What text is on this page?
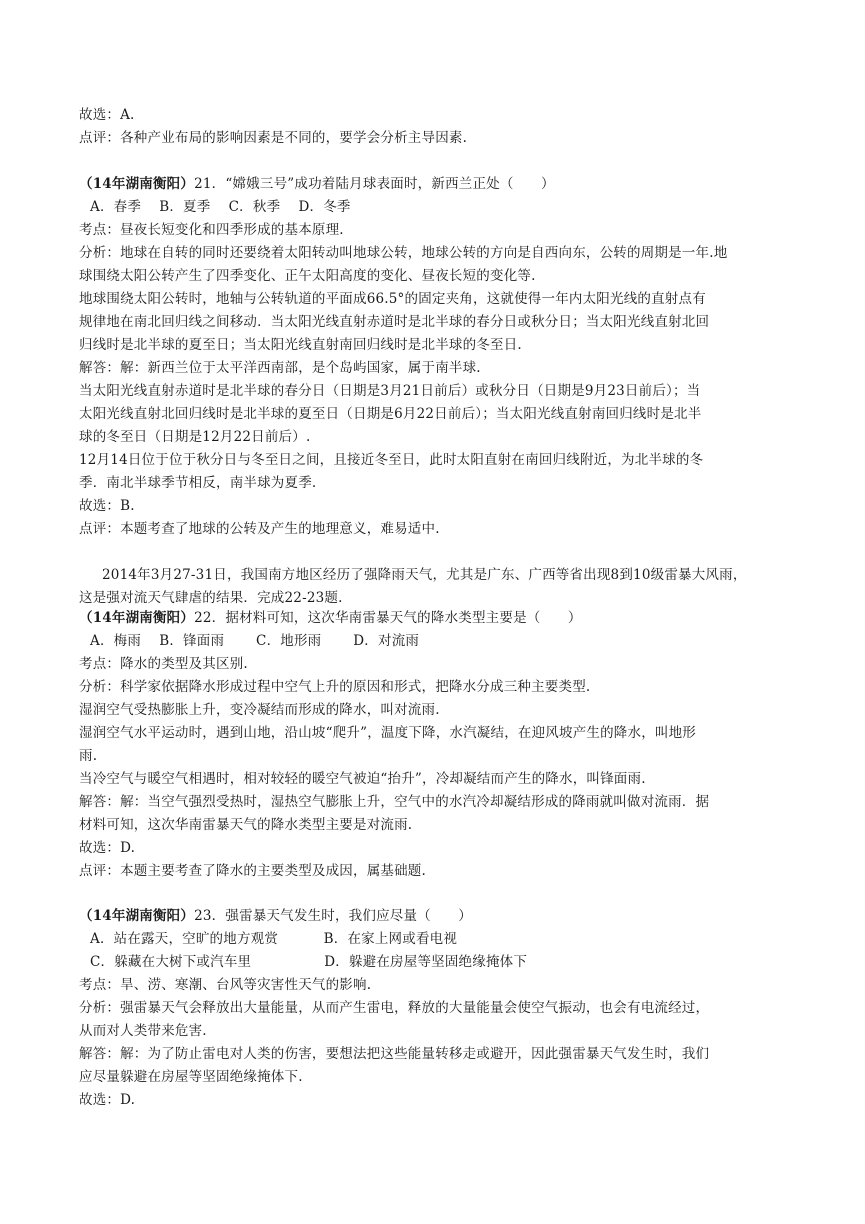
故选：A.
点评：各种产业布局的影响因素是不同的，要学会分析主导因素.
（14年湖南衡阳）21．“嫦娥三号”成功着陆月球表面时，新西兰正处（　　）
A．春季　 B．夏季　 C．秋季　 D．冬季
考点：昼夜长短变化和四季形成的基本原理.
分析：地球在自转的同时还要绕着太阳转动叫地球公转，地球公转的方向是自西向东，公转的周期是一年.地
球围绕太阳公转产生了四季变化、正午太阳高度的变化、昼夜长短的变化等.
地球围绕太阳公转时，地轴与公转轨道的平面成66.5°的固定夹角，这就使得一年内太阳光线的直射点有
规律地在南北回归线之间移动．当太阳光线直射赤道时是北半球的春分日或秋分日；当太阳光线直射北回
归线时是北半球的夏至日；当太阳光线直射南回归线时是北半球的冬至日.
解答：解：新西兰位于太平洋西南部，是个岛屿国家，属于南半球.
当太阳光线直射赤道时是北半球的春分日（日期是3月21日前后）或秋分日（日期是9月23日前后）；当
太阳光线直射北回归线时是北半球的夏至日（日期是6月22日前后）；当太阳光线直射南回归线时是北半
球的冬至日（日期是12月22日前后）.
12月14日位于位于秋分日与冬至日之间，且接近冬至日，此时太阳直射在南回归线附近，为北半球的冬
季．南北半球季节相反，南半球为夏季.
故选：B.
点评：本题考查了地球的公转及产生的地理意义，难易适中.
2014年3月27-31日，我国南方地区经历了强降雨天气，尤其是广东、广西等省出现8到10级雷暴大风雨，
这是强对流天气肆虐的结果．完成22-23题.
（14年湖南衡阳）22．据材料可知，这次华南雷暴天气的降水类型主要是（　　）
A．梅雨　 B．锋面雨　　 C．地形雨　　 D．对流雨
考点：降水的类型及其区别.
分析：科学家依据降水形成过程中空气上升的原因和形式，把降水分成三种主要类型.
湿润空气受热膨胀上升，变冷凝结而形成的降水，叫对流雨.
湿润空气水平运动时，遇到山地，沿山坡“爬升”，温度下降，水汽凝结，在迎风坡产生的降水，叫地形
雨.
当冷空气与暖空气相遇时，相对较轻的暖空气被迫“抬升”，冷却凝结而产生的降水，叫锋面雨.
解答：解：当空气强烈受热时，湿热空气膨胀上升，空气中的水汽冷却凝结形成的降雨就叫做对流雨．据
材料可知，这次华南雷暴天气的降水类型主要是对流雨.
故选：D.
点评：本题主要考查了降水的主要类型及成因，属基础题.
（14年湖南衡阳）23．强雷暴天气发生时，我们应尽量（　　）
A．站在露天，空旷的地方观赏　　　 B．在家上网或看电视
C．躲藏在大树下或汽车里　　　　　 D．躲避在房屋等坚固绝缘掩体下
考点：旱、涝、寒潮、台风等灾害性天气的影响.
分析：强雷暴天气会释放出大量能量，从而产生雷电，释放的大量能量会使空气振动，也会有电流经过，
从而对人类带来危害.
解答：解：为了防止雷电对人类的伤害，要想法把这些能量转移走或避开，因此强雷暴天气发生时，我们
应尽量躲避在房屋等坚固绝缘掩体下.
故选：D.
